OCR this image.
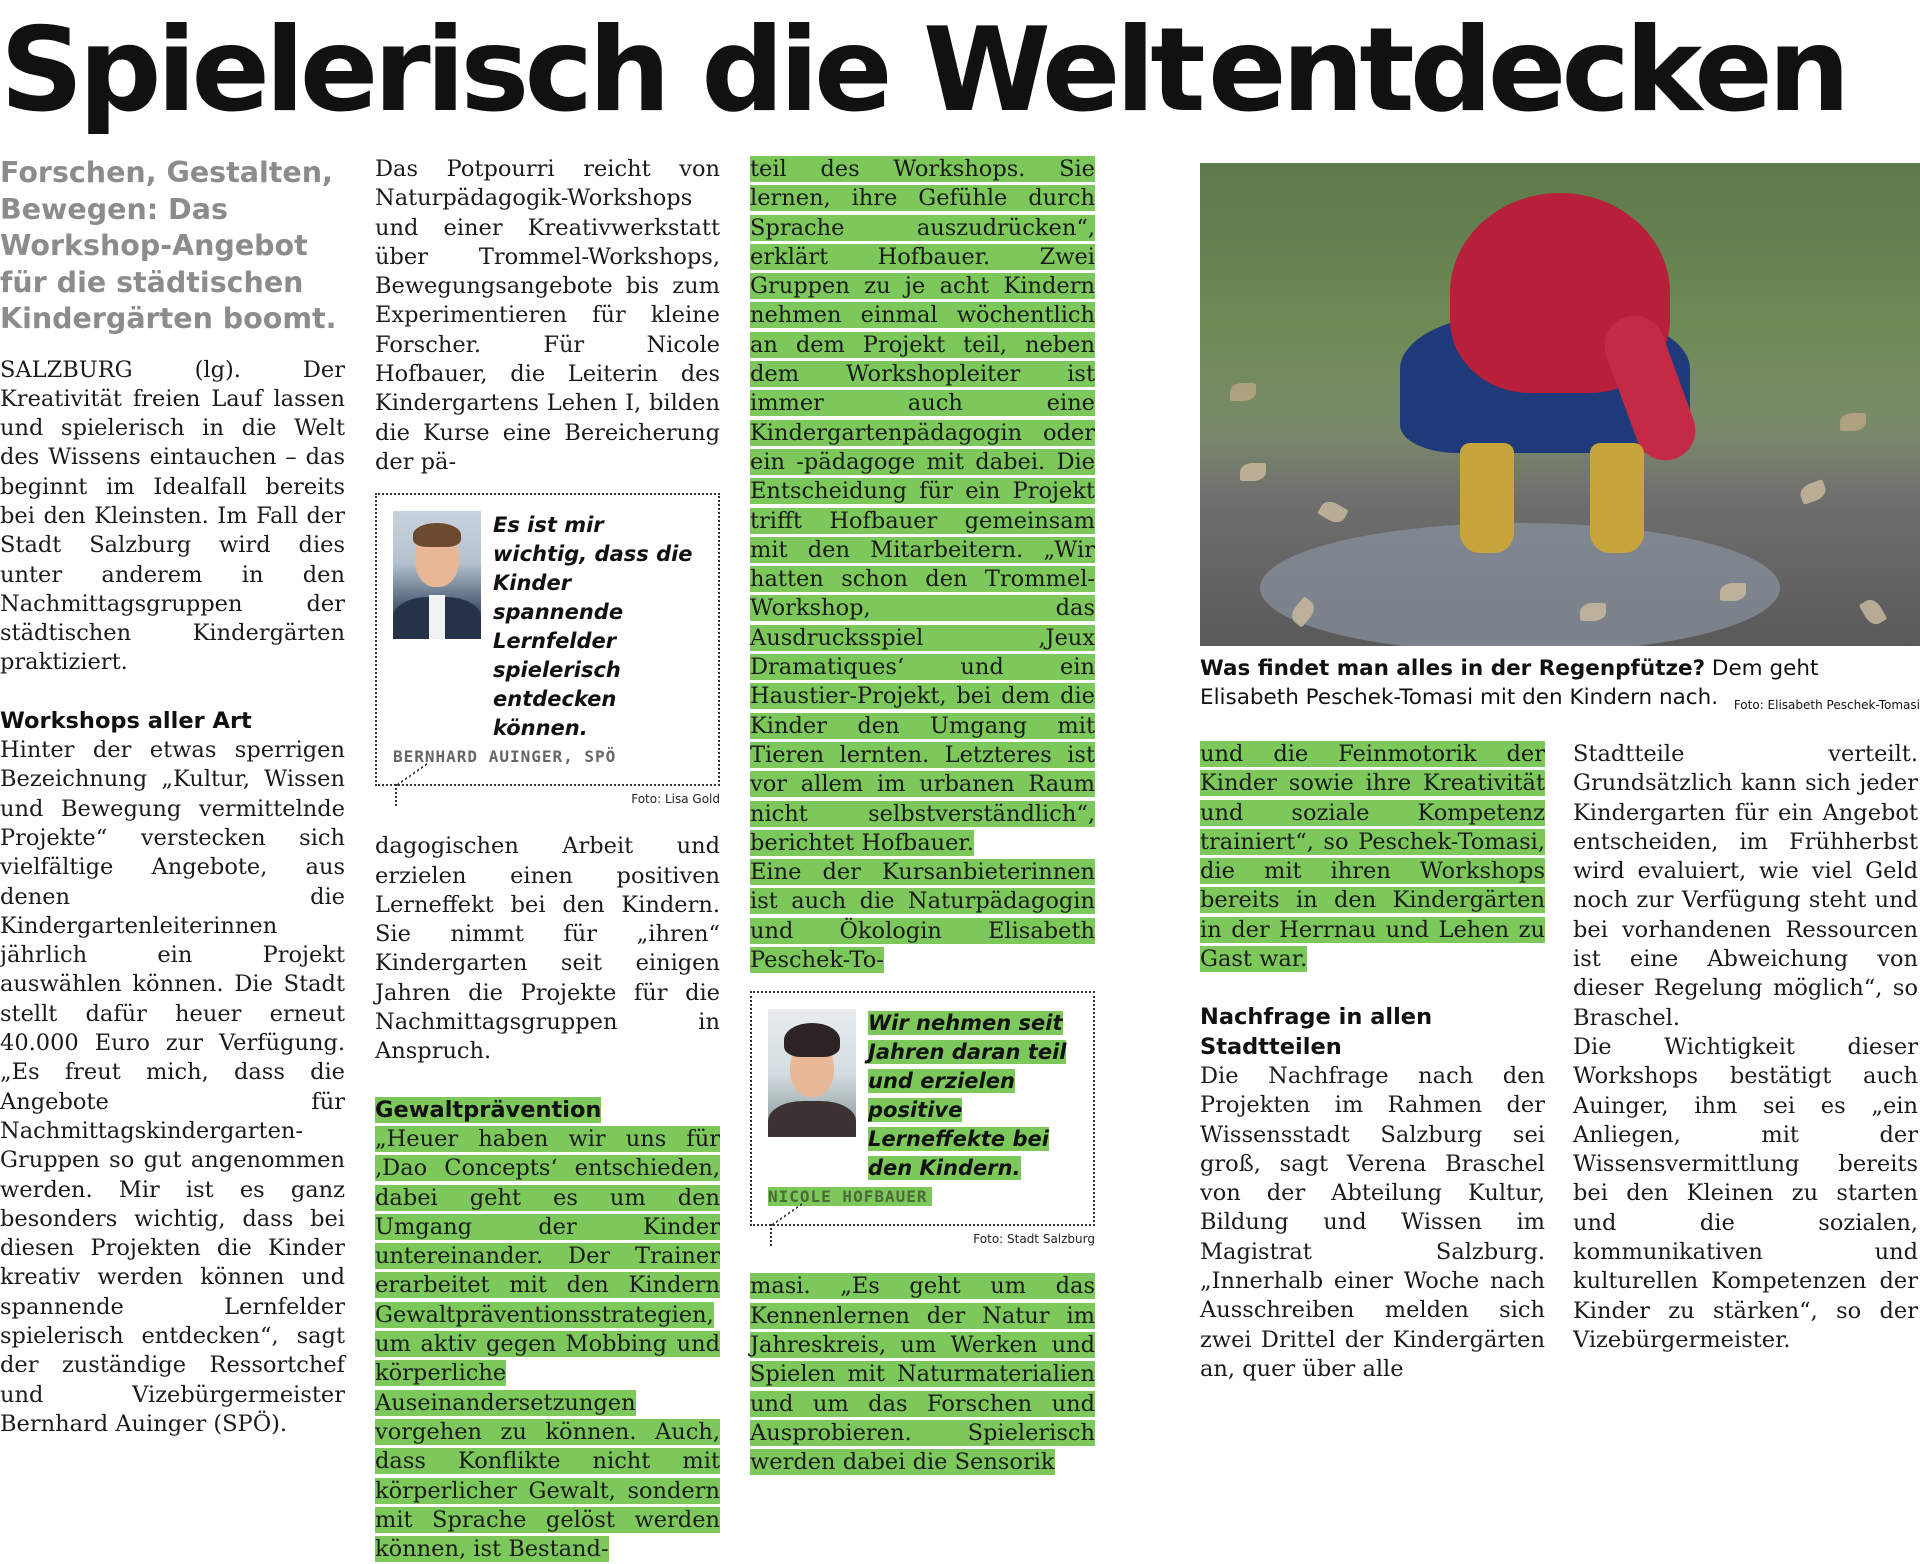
Spielerisch die Welt entdecken

Forschen, Gestalten, Bewegen: Das Workshop-Angebot für die städtischen Kindergärten boomt.

SALZBURG (lg). Der Kreativität freien Lauf lassen und spielerisch in die Welt des Wissens eintauchen – das beginnt im Idealfall bereits bei den Kleinsten. Im Fall der Stadt Salzburg wird dies unter anderem in den Nachmittagsgruppen der städtischen Kindergärten praktiziert.

Workshops aller Art

Hinter der etwas sperrigen Bezeichnung „Kultur, Wissen und Bewegung vermittelnde Projekte“ verstecken sich vielfältige Angebote, aus denen die Kindergartenleiterinnen jährlich ein Projekt auswählen können. Die Stadt stellt dafür heuer erneut 40.000 Euro zur Verfügung. „Es freut mich, dass die Angebote für Nachmittagskindergarten-Gruppen so gut angenommen werden. Mir ist es ganz besonders wichtig, dass bei diesen Projekten die Kinder kreativ werden können und spannende Lernfelder spielerisch entdecken“, sagt der zuständige Ressortchef und Vizebürgermeister Bernhard Auinger (SPÖ).

Das Potpourri reicht von Naturpädagogik-Workshops und einer Kreativwerkstatt über Trommel-Workshops, Bewegungsangebote bis zum Experimentieren für kleine Forscher. Für Nicole Hofbauer, die Leiterin des Kindergartens Lehen I, bilden die Kurse eine Bereicherung der pä-

Es ist mir wichtig, dass die Kinder spannende Lernfelder spielerisch entdecken können.
BERNHARD AUINGER, SPÖ
Foto: Lisa Gold

dagogischen Arbeit und erzielen einen positiven Lerneffekt bei den Kindern. Sie nimmt für „ihren“ Kindergarten seit einigen Jahren die Projekte für die Nachmittagsgruppen in Anspruch.

Gewaltprävention

„Heuer haben wir uns für ‚Dao Concepts‘ entschieden, dabei geht es um den Umgang der Kinder untereinander. Der Trainer erarbeitet mit den Kindern Gewaltpräventionsstrategien, um aktiv gegen Mobbing und körperliche Auseinandersetzungen vorgehen zu können. Auch, dass Konflikte nicht mit körperlicher Gewalt, sondern mit Sprache gelöst werden können, ist Bestand-

teil des Workshops. Sie lernen, ihre Gefühle durch Sprache auszudrücken“, erklärt Hofbauer. Zwei Gruppen zu je acht Kindern nehmen einmal wöchentlich an dem Projekt teil, neben dem Workshopleiter ist immer auch eine Kindergartenpädagogin oder ein -pädagoge mit dabei. Die Entscheidung für ein Projekt trifft Hofbauer gemeinsam mit den Mitarbeitern. „Wir hatten schon den Trommel-Workshop, das Ausdrucksspiel ‚Jeux Dramatiques‘ und ein Haustier-Projekt, bei dem die Kinder den Umgang mit Tieren lernten. Letzteres ist vor allem im urbanen Raum nicht selbstverständlich“, berichtet Hofbauer.

Eine der Kursanbieterinnen ist auch die Naturpädagogin und Ökologin Elisabeth Peschek-To-

Wir nehmen seit Jahren daran teil und erzielen positive Lerneffekte bei den Kindern.
NICOLE HOFBAUER
Foto: Stadt Salzburg

masi. „Es geht um das Kennenlernen der Natur im Jahreskreis, um Werken und Spielen mit Naturmaterialien und um das Forschen und Ausprobieren. Spielerisch werden dabei die Sensorik

Was findet man alles in der Regenpfütze? Dem geht Elisabeth Peschek-Tomasi mit den Kindern nach. Foto: Elisabeth Peschek-Tomasi

und die Feinmotorik der Kinder sowie ihre Kreativität und soziale Kompetenz trainiert“, so Peschek-Tomasi, die mit ihren Workshops bereits in den Kindergärten in der Herrnau und Lehen zu Gast war.

Nachfrage in allen Stadtteilen

Die Nachfrage nach den Projekten im Rahmen der Wissensstadt Salzburg sei groß, sagt Verena Braschel von der Abteilung Kultur, Bildung und Wissen im Magistrat Salzburg. „Innerhalb einer Woche nach Ausschreiben melden sich zwei Drittel der Kindergärten an, quer über alle

Stadtteile verteilt. Grundsätzlich kann sich jeder Kindergarten für ein Angebot entscheiden, im Frühherbst wird evaluiert, wie viel Geld noch zur Verfügung steht und bei vorhandenen Ressourcen ist eine Abweichung von dieser Regelung möglich“, so Braschel.

Die Wichtigkeit dieser Workshops bestätigt auch Auinger, ihm sei es „ein Anliegen, mit der Wissensvermittlung bereits bei den Kleinen zu starten und die sozialen, kommunikativen und kulturellen Kompetenzen der Kinder zu stärken“, so der Vizebürgermeister.
